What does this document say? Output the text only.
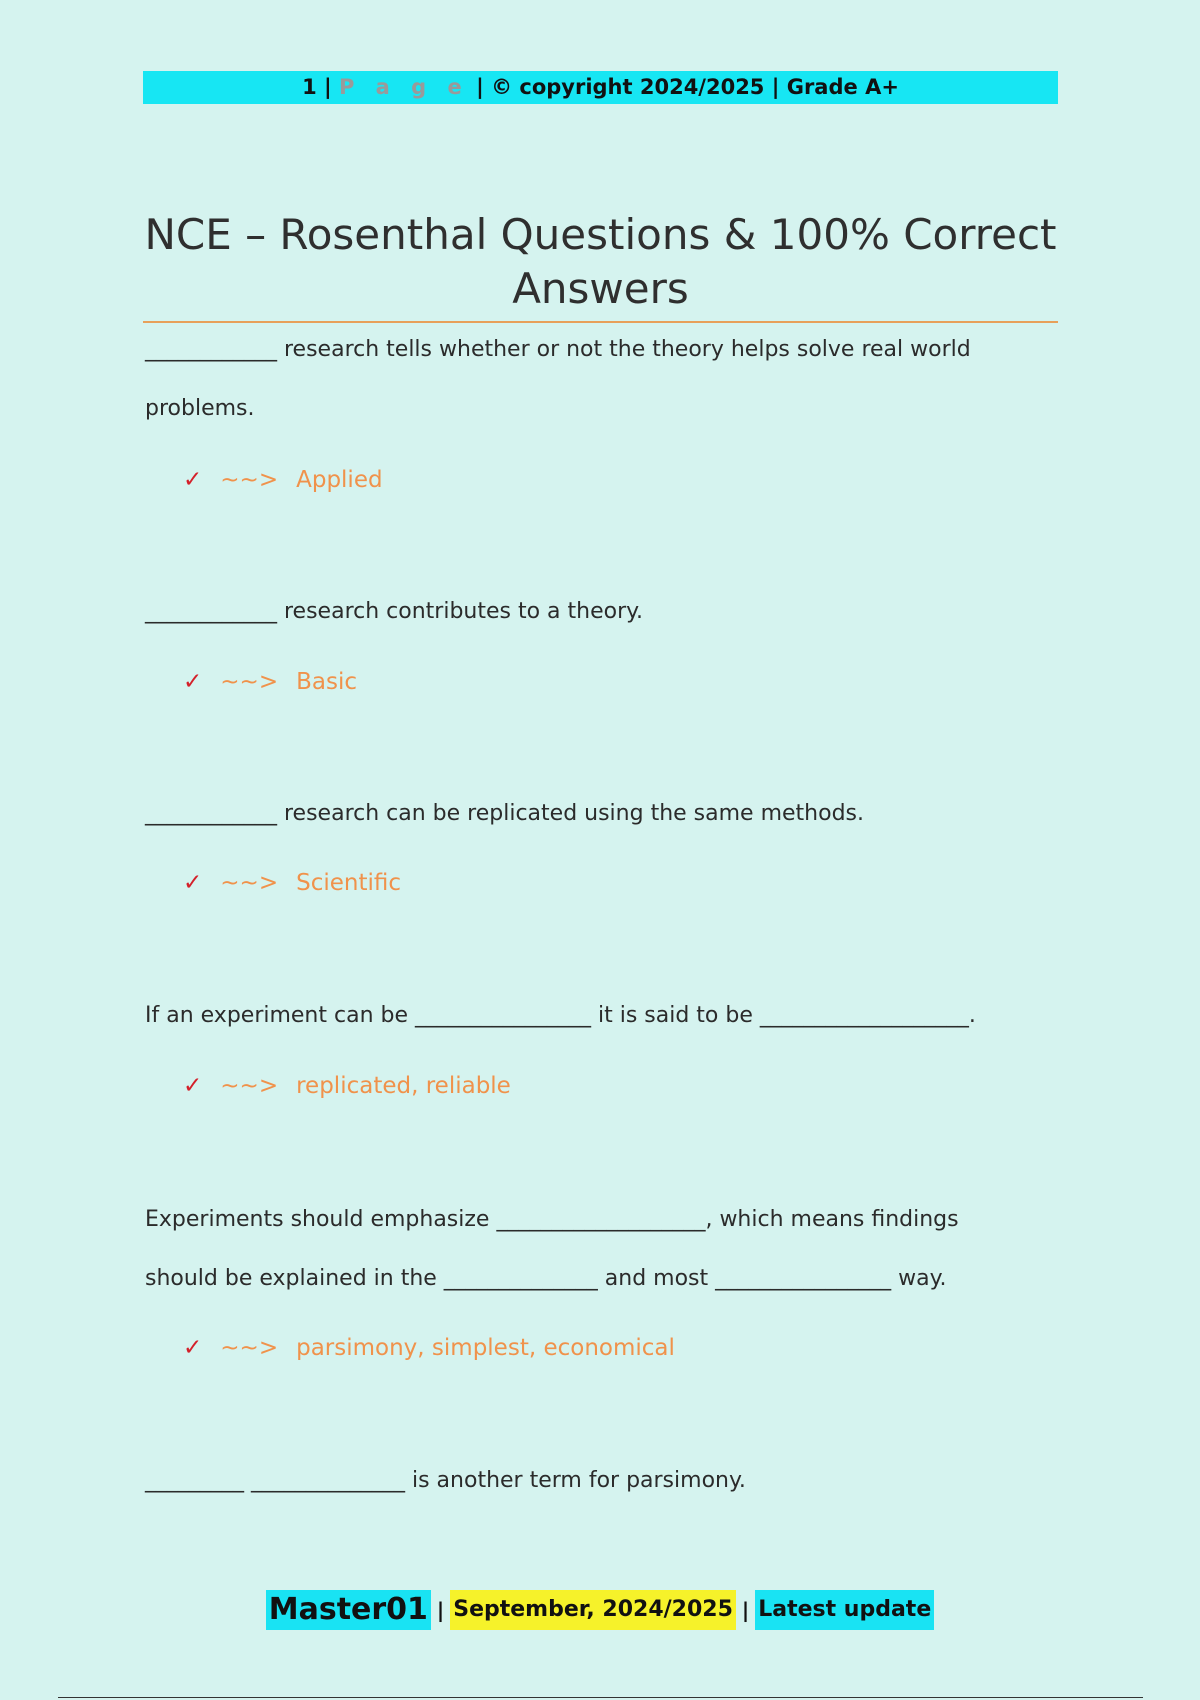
1 | P a g e | © copyright 2024/2025 | Grade A+
NCE – Rosenthal Questions & 100% Correct Answers
____________ research tells whether or not the theory helps solve real world
problems.
✓ ~~> Applied
____________ research contributes to a theory.
✓ ~~> Basic
____________ research can be replicated using the same methods.
✓ ~~> Scientific
If an experiment can be ________________ it is said to be ___________________.
✓ ~~> replicated, reliable
Experiments should emphasize ___________________, which means findings
should be explained in the ______________ and most ________________ way.
✓ ~~> parsimony, simplest, economical
_________ ______________ is another term for parsimony.
Master01 | September, 2024/2025 | Latest update
